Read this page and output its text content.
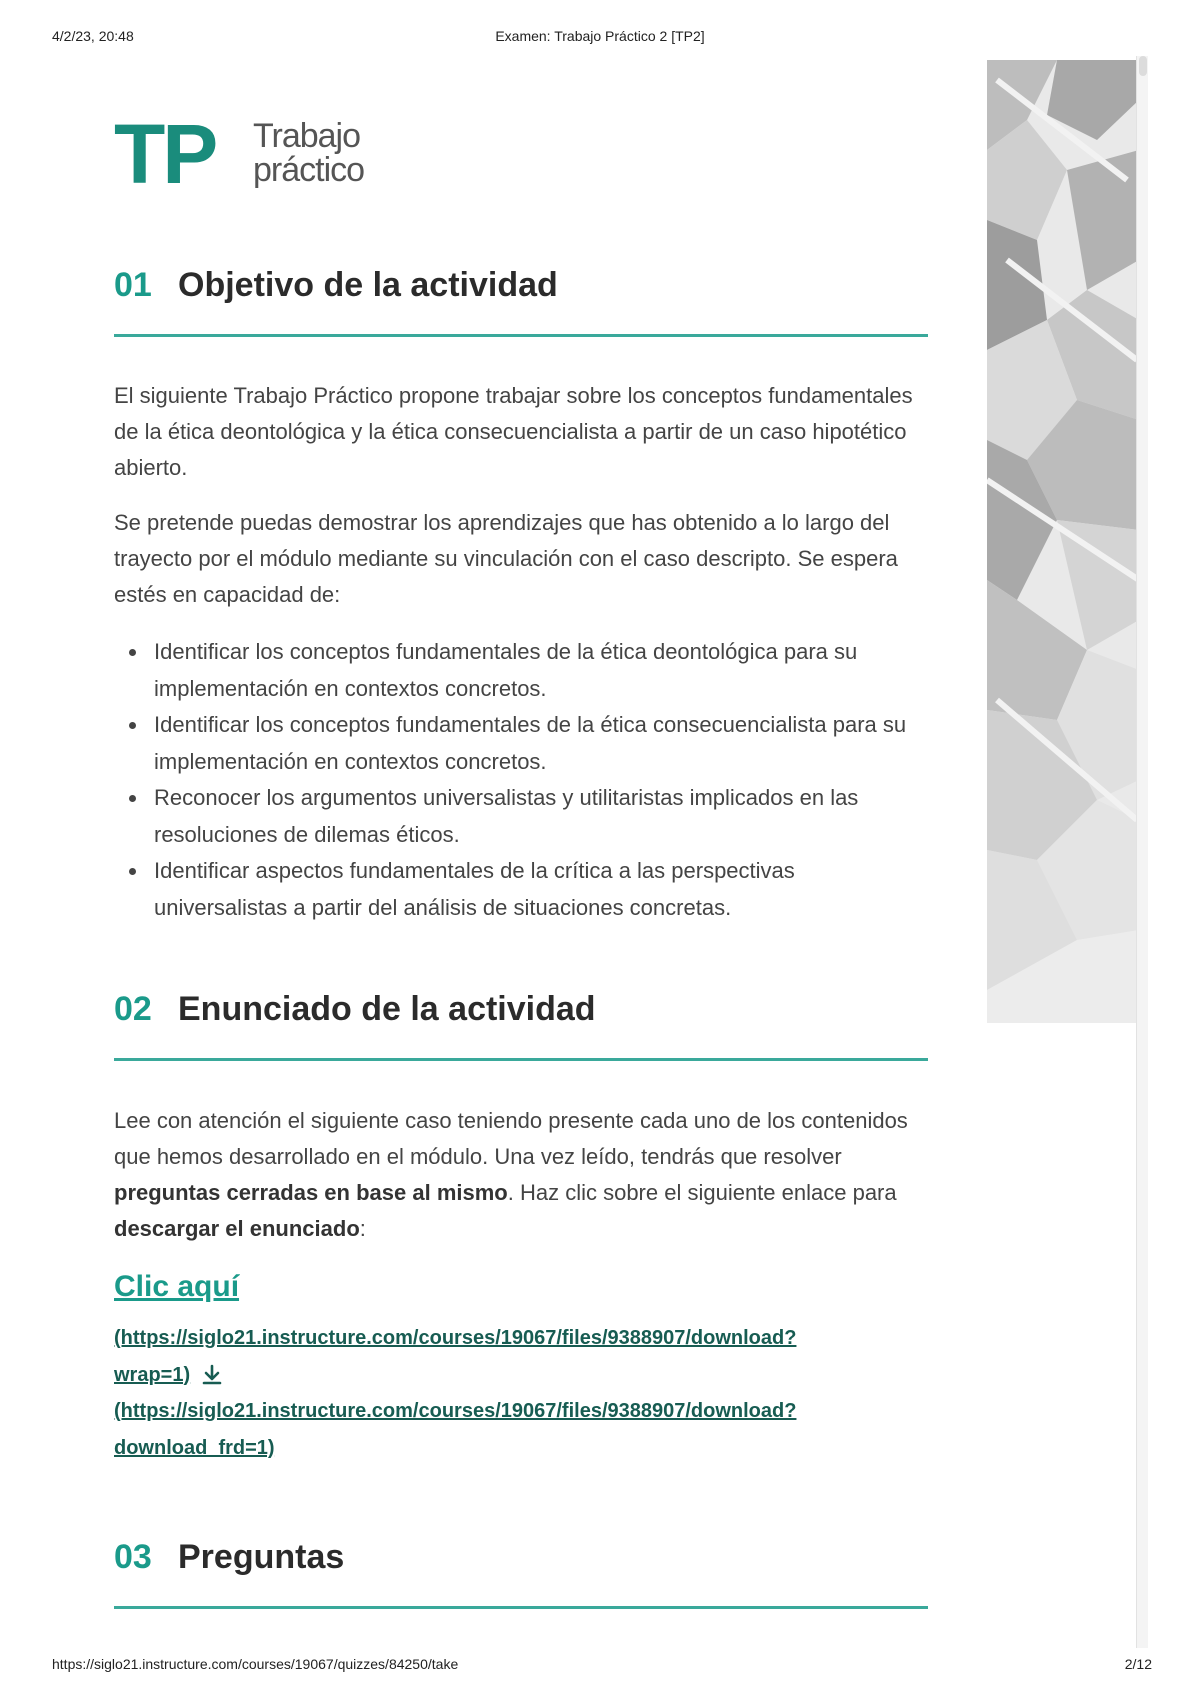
4/2/23, 20:48	Examen: Trabajo Práctico 2 [TP2]
TP Trabajo
práctico
01 Objetivo de la actividad

El siguiente Trabajo Práctico propone trabajar sobre los conceptos fundamentales de la ética deontológica y la ética consecuencialista a partir de un caso hipotético abierto.

Se pretende puedas demostrar los aprendizajes que has obtenido a lo largo del trayecto por el módulo mediante su vinculación con el caso descripto. Se espera estés en capacidad de:

Identificar los conceptos fundamentales de la ética deontológica para su implementación en contextos concretos.
Identificar los conceptos fundamentales de la ética consecuencialista para su implementación en contextos concretos.
Reconocer los argumentos universalistas y utilitaristas implicados en las resoluciones de dilemas éticos.
Identificar aspectos fundamentales de la crítica a las perspectivas universalistas a partir del análisis de situaciones concretas.
02 Enunciado de la actividad

Lee con atención el siguiente caso teniendo presente cada uno de los contenidos que hemos desarrollado en el módulo. Una vez leído, tendrás que resolver preguntas cerradas en base al mismo. Haz clic sobre el siguiente enlace para descargar el enunciado:

Clic aquí
(https://siglo21.instructure.com/courses/19067/files/9388907/download?
wrap=1)
(https://siglo21.instructure.com/courses/19067/files/9388907/download?
download_frd=1)
03 Preguntas
https://siglo21.instructure.com/courses/19067/quizzes/84250/take	2/12
